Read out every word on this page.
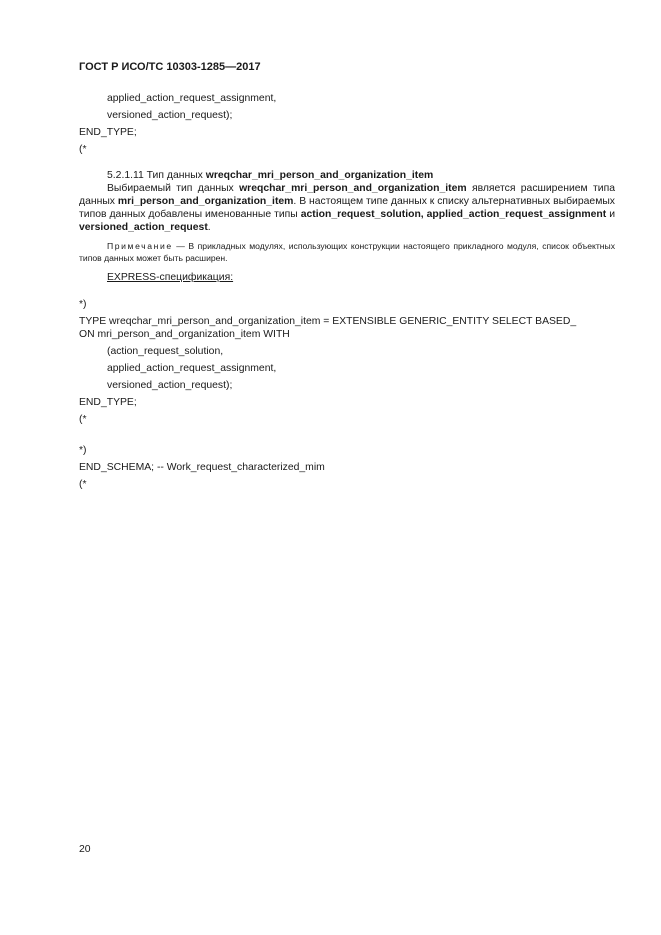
ГОСТ Р ИСО/ТС 10303-1285—2017
applied_action_request_assignment,
versioned_action_request);
END_TYPE;
(*
5.2.1.11 Тип данных wreqchar_mri_person_and_organization_item
Выбираемый тип данных wreqchar_mri_person_and_organization_item является расширением типа данных mri_person_and_organization_item. В настоящем типе данных к списку альтернативных выбираемых типов данных добавлены именованные типы action_request_solution, applied_action_request_assignment и versioned_action_request.
Примечание — В прикладных модулях, использующих конструкции настоящего прикладного модуля, список объектных типов данных может быть расширен.
EXPRESS-спецификация:
*)
TYPE wreqchar_mri_person_and_organization_item = EXTENSIBLE GENERIC_ENTITY SELECT BASED_
ON mri_person_and_organization_item WITH
(action_request_solution,
applied_action_request_assignment,
versioned_action_request);
END_TYPE;
(*
*)
END_SCHEMA; -- Work_request_characterized_mim
(*
20
